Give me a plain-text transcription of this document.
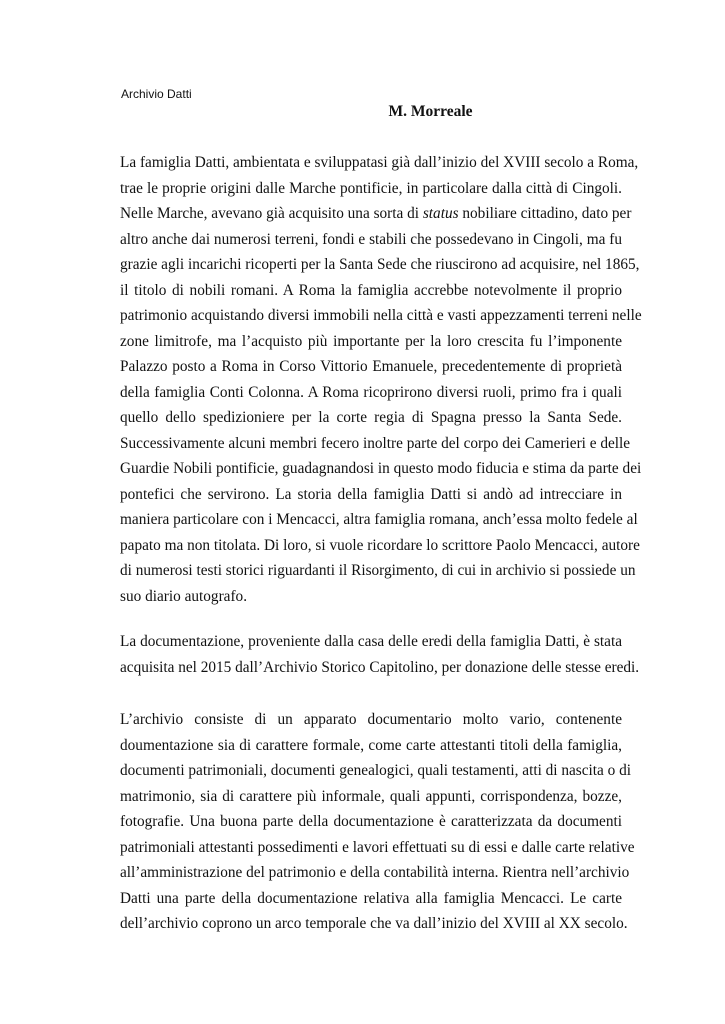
Archivio Datti
M. Morreale

La famiglia Datti, ambientata e sviluppatasi già dall’inizio del XVIII secolo a Roma,
trae le proprie origini dalle Marche pontificie, in particolare dalla città di Cingoli.
Nelle Marche, avevano già acquisito una sorta di status nobiliare cittadino, dato per
altro anche dai numerosi terreni, fondi e stabili che possedevano in Cingoli, ma fu
grazie agli incarichi ricoperti per la Santa Sede che riuscirono ad acquisire, nel 1865,
il titolo di nobili romani. A Roma la famiglia accrebbe notevolmente il proprio
patrimonio acquistando diversi immobili nella città e vasti appezzamenti terreni nelle
zone limitrofe, ma l’acquisto più importante per la loro crescita fu l’imponente
Palazzo posto a Roma in Corso Vittorio Emanuele, precedentemente di proprietà
della famiglia Conti Colonna. A Roma ricoprirono diversi ruoli, primo fra i quali
quello dello spedizioniere per la corte regia di Spagna presso la Santa Sede.
Successivamente alcuni membri fecero inoltre parte del corpo dei Camerieri e delle
Guardie Nobili pontificie, guadagnandosi in questo modo fiducia e stima da parte dei
pontefici che servirono. La storia della famiglia Datti si andò ad intrecciare in
maniera particolare con i Mencacci, altra famiglia romana, anch’essa molto fedele al
papato ma non titolata. Di loro, si vuole ricordare lo scrittore Paolo Mencacci, autore
di numerosi testi storici riguardanti il Risorgimento, di cui in archivio si possiede un
suo diario autografo.

La documentazione, proveniente dalla casa delle eredi della famiglia Datti, è stata
acquisita nel 2015 dall’Archivio Storico Capitolino, per donazione delle stesse eredi.

L’archivio consiste di un apparato documentario molto vario, contenente
doumentazione sia di carattere formale, come carte attestanti titoli della famiglia,
documenti patrimoniali, documenti genealogici, quali testamenti, atti di nascita o di
matrimonio, sia di carattere più informale, quali appunti, corrispondenza, bozze,
fotografie. Una buona parte della documentazione è caratterizzata da documenti
patrimoniali attestanti possedimenti e lavori effettuati su di essi e dalle carte relative
all’amministrazione del patrimonio e della contabilità interna. Rientra nell’archivio
Datti una parte della documentazione relativa alla famiglia Mencacci. Le carte
dell’archivio coprono un arco temporale che va dall’inizio del XVIII al XX secolo.
